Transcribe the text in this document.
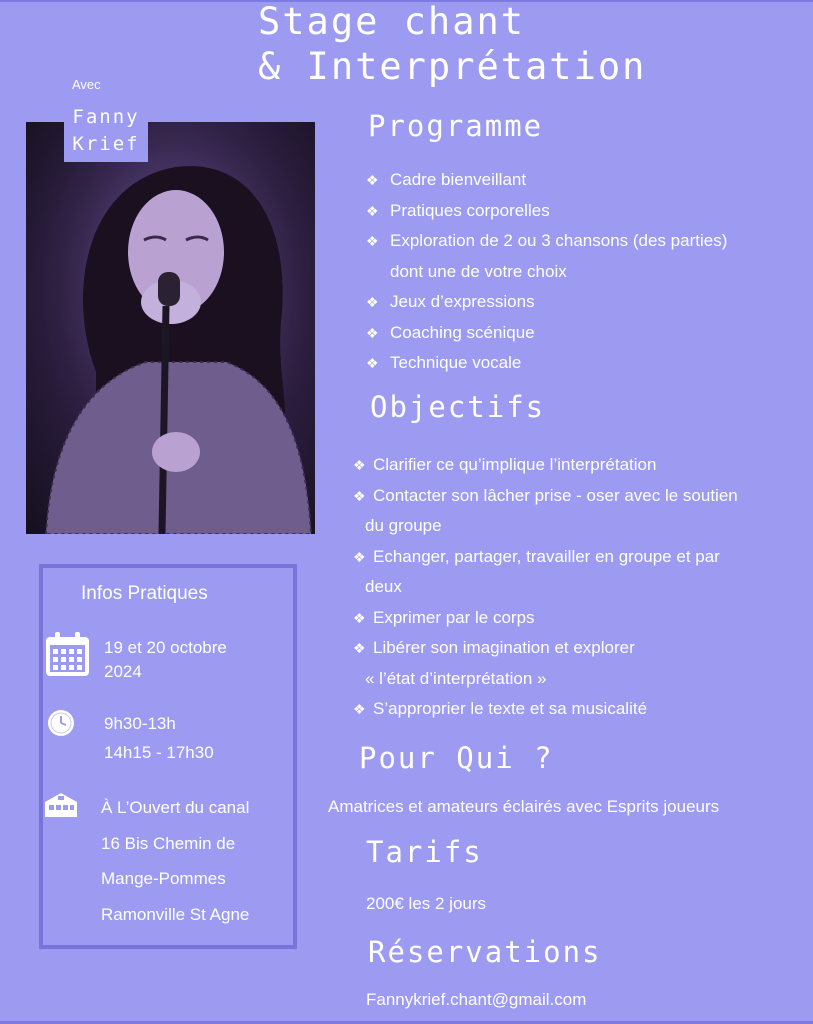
Stage chant
& Interprétation
Avec
Fanny
Krief
Programme
❖ Cadre bienveillant
❖ Pratiques corporelles
❖ Exploration de 2 ou 3 chansons (des parties)
dont une de votre choix
❖ Jeux d’expressions
❖ Coaching scénique
❖ Technique vocale
Objectifs
❖ Clarifier ce qu’implique l’interprétation
❖ Contacter son lâcher prise - oser avec le soutien
du groupe
❖ Echanger, partager, travailler en groupe et par
deux
❖ Exprimer par le corps
❖ Libérer son imagination et explorer
« l’état d’interprétation »
❖ S’approprier le texte et sa musicalité
Pour Qui ?
Amatrices et amateurs éclairés avec Esprits joueurs
Tarifs
200€ les 2 jours
Réservations
Fannykrief.chant@gmail.com
Infos Pratiques
19 et 20 octobre
2024
9h30-13h
14h15 - 17h30
À L’Ouvert du canal
16 Bis Chemin de
Mange-Pommes
Ramonville St Agne
